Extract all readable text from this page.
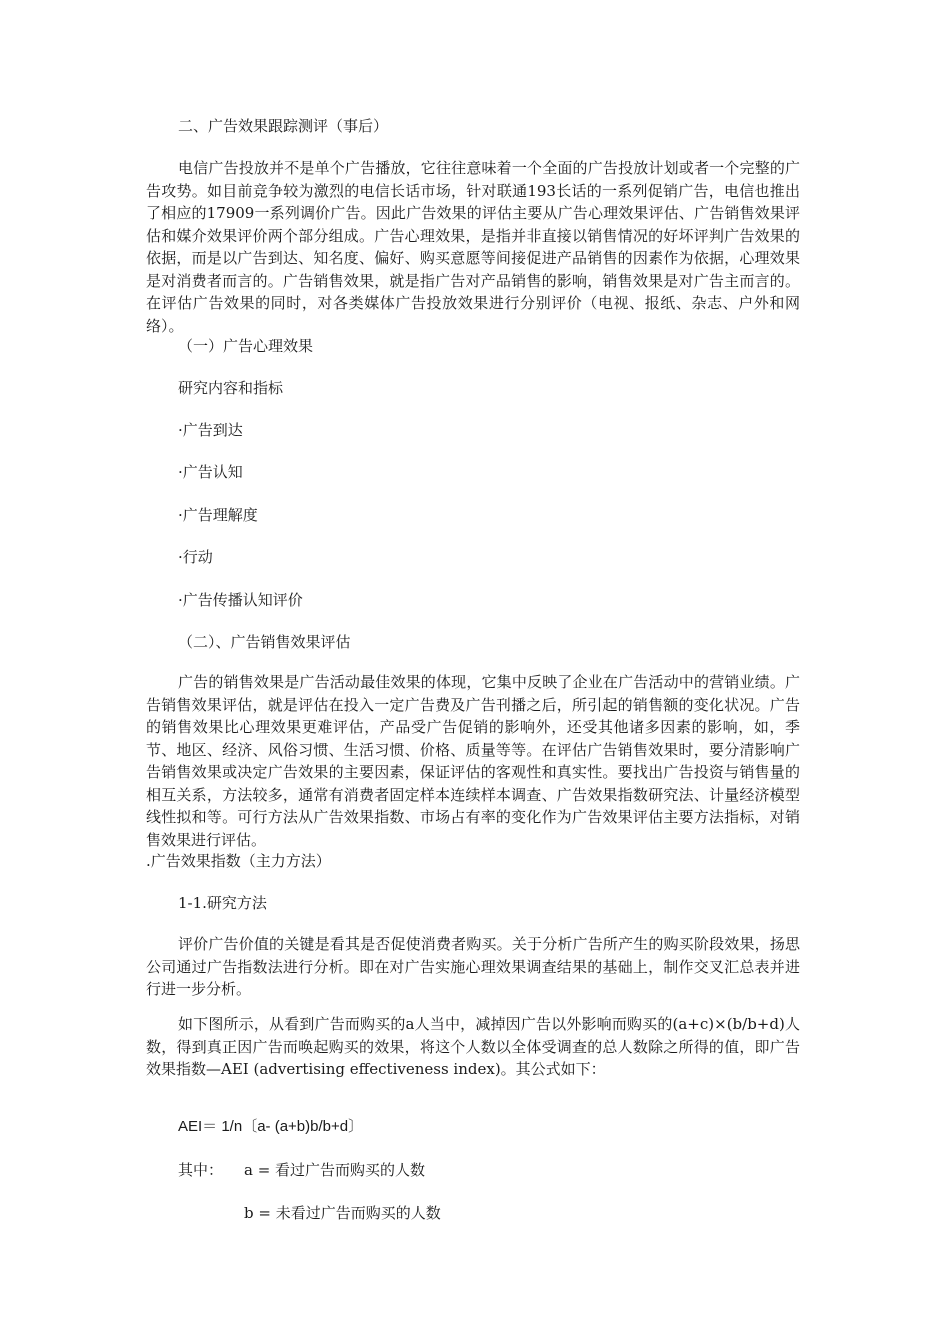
二、广告效果跟踪测评（事后）
电信广告投放并不是单个广告播放，它往往意味着一个全面的广告投放计划或者一个完整的广告攻势。如目前竞争较为激烈的电信长话市场，针对联通193长话的一系列促销广告，电信也推出了相应的17909一系列调价广告。因此广告效果的评估主要从广告心理效果评估、广告销售效果评估和媒介效果评价两个部分组成。广告心理效果，是指并非直接以销售情况的好坏评判广告效果的依据，而是以广告到达、知名度、偏好、购买意愿等间接促进产品销售的因素作为依据，心理效果是对消费者而言的。广告销售效果，就是指广告对产品销售的影响，销售效果是对广告主而言的。在评估广告效果的同时，对各类媒体广告投放效果进行分别评价（电视、报纸、杂志、户外和网络）。
（一）广告心理效果
研究内容和指标
·广告到达
·广告认知
·广告理解度
·行动
·广告传播认知评价
（二）、广告销售效果评估
广告的销售效果是广告活动最佳效果的体现，它集中反映了企业在广告活动中的营销业绩。广告销售效果评估，就是评估在投入一定广告费及广告刊播之后，所引起的销售额的变化状况。广告的销售效果比心理效果更难评估，产品受广告促销的影响外，还受其他诸多因素的影响，如，季节、地区、经济、风俗习惯、生活习惯、价格、质量等等。在评估广告销售效果时，要分清影响广告销售效果或决定广告效果的主要因素，保证评估的客观性和真实性。要找出广告投资与销售量的相互关系，方法较多，通常有消费者固定样本连续样本调查、广告效果指数研究法、计量经济模型线性拟和等。可行方法从广告效果指数、市场占有率的变化作为广告效果评估主要方法指标，对销售效果进行评估。
.广告效果指数（主力方法）
1-1.研究方法
评价广告价值的关键是看其是否促使消费者购买。关于分析广告所产生的购买阶段效果，扬思公司通过广告指数法进行分析。即在对广告实施心理效果调查结果的基础上，制作交叉汇总表并进行进一步分析。
如下图所示，从看到广告而购买的a人当中，减掉因广告以外影响而购买的(a+c)×(b/b+d)人数，得到真正因广告而唤起购买的效果，将这个人数以全体受调查的总人数除之所得的值，即广告效果指数—AEI (advertising effectiveness index)。其公式如下：
AEI＝ 1/n〔a- (a+b)b/b+d〕
其中： a = 看过广告而购买的人数
b = 未看过广告而购买的人数
